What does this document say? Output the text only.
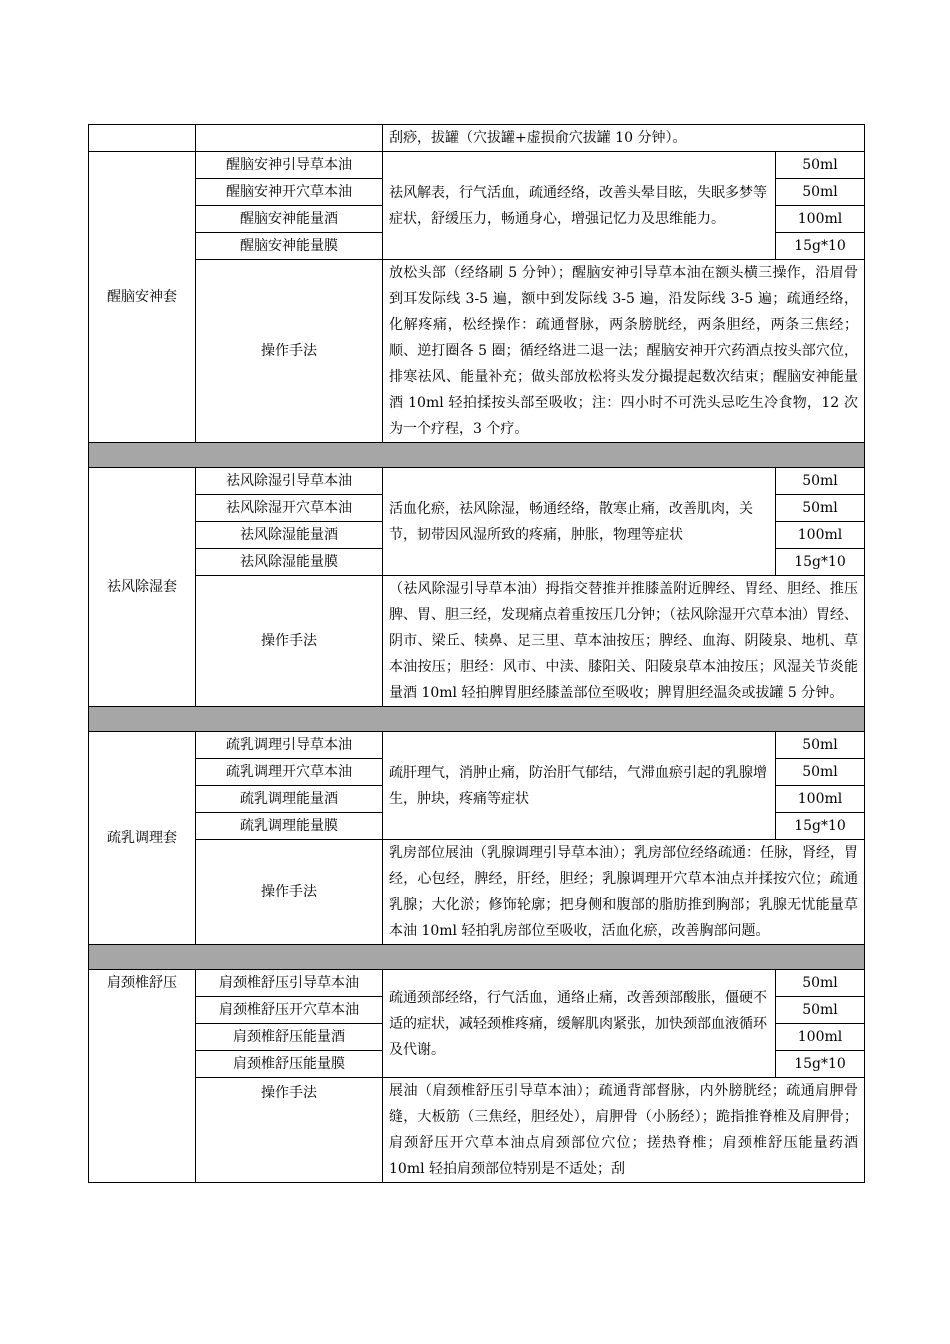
		刮痧，拔罐（穴拔罐+虚损俞穴拔罐 10 分钟）。	
醒脑安神套	醒脑安神引导草本油	祛风解表，行气活血，疏通经络，改善头晕目眩，失眠多梦等症状，舒缓压力，畅通身心，增强记忆力及思维能力。	50ml
	醒脑安神开穴草本油		50ml
	醒脑安神能量酒		100ml
	醒脑安神能量膜		15g*10
	操作手法	放松头部（经络刷 5 分钟）；醒脑安神引导草本油在额头横三操作，沿眉骨到耳发际线 3-5 遍，额中到发际线 3-5 遍，沿发际线 3-5 遍；疏通经络，化解疼痛，松经操作：疏通督脉，两条膀胱经，两条胆经，两条三焦经；顺、逆打圈各 5 圈；循经络进二退一法；醒脑安神开穴药酒点按头部穴位，排寒祛风、能量补充；做头部放松将头发分撮提起数次结束；醒脑安神能量酒 10ml 轻拍揉按头部至吸收；注：四小时不可洗头忌吃生冷食物，12 次为一个疗程，3 个疗。	

祛风除湿套	祛风除湿引导草本油	活血化瘀，祛风除湿，畅通经络，散寒止痛，改善肌肉，关节，韧带因风湿所致的疼痛，肿胀，物理等症状	50ml
	祛风除湿开穴草本油		50ml
	祛风除湿能量酒		100ml
	祛风除湿能量膜		15g*10
	操作手法	（祛风除湿引导草本油）拇指交替推并推膝盖附近脾经、胃经、胆经、推压脾、胃、胆三经，发现痛点着重按压几分钟；（祛风除湿开穴草本油）胃经、阴市、梁丘、犊鼻、足三里、草本油按压；脾经、血海、阴陵泉、地机、草本油按压；胆经：风市、中渎、膝阳关、阳陵泉草本油按压；风湿关节炎能量酒 10ml 轻拍脾胃胆经膝盖部位至吸收；脾胃胆经温灸或拔罐 5 分钟。	

疏乳调理套	疏乳调理引导草本油	疏肝理气，消肿止痛，防治肝气郁结，气滞血瘀引起的乳腺增生，肿块，疼痛等症状	50ml
	疏乳调理开穴草本油		50ml
	疏乳调理能量酒		100ml
	疏乳调理能量膜		15g*10
	操作手法	乳房部位展油（乳腺调理引导草本油）；乳房部位经络疏通：任脉，肾经，胃经，心包经，脾经，肝经，胆经；乳腺调理开穴草本油点并揉按穴位；疏通乳腺；大化淤；修饰轮廓；把身侧和腹部的脂肪推到胸部；乳腺无忧能量草本油 10ml 轻拍乳房部位至吸收，活血化瘀，改善胸部问题。	

肩颈椎舒压	肩颈椎舒压引导草本油	疏通颈部经络，行气活血，通络止痛，改善颈部酸胀，僵硬不适的症状，减轻颈椎疼痛，缓解肌肉紧张，加快颈部血液循环及代谢。	50ml
	肩颈椎舒压开穴草本油		50ml
	肩颈椎舒压能量酒		100ml
	肩颈椎舒压能量膜		15g*10
	操作手法	展油（肩颈椎舒压引导草本油）；疏通背部督脉，内外膀胱经；疏通肩胛骨缝，大板筋（三焦经，胆经处），肩胛骨（小肠经）；跪指推脊椎及肩胛骨；肩颈舒压开穴草本油点肩颈部位穴位；搓热脊椎；肩颈椎舒压能量药酒 10ml 轻拍肩颈部位特别是不适处；刮	
